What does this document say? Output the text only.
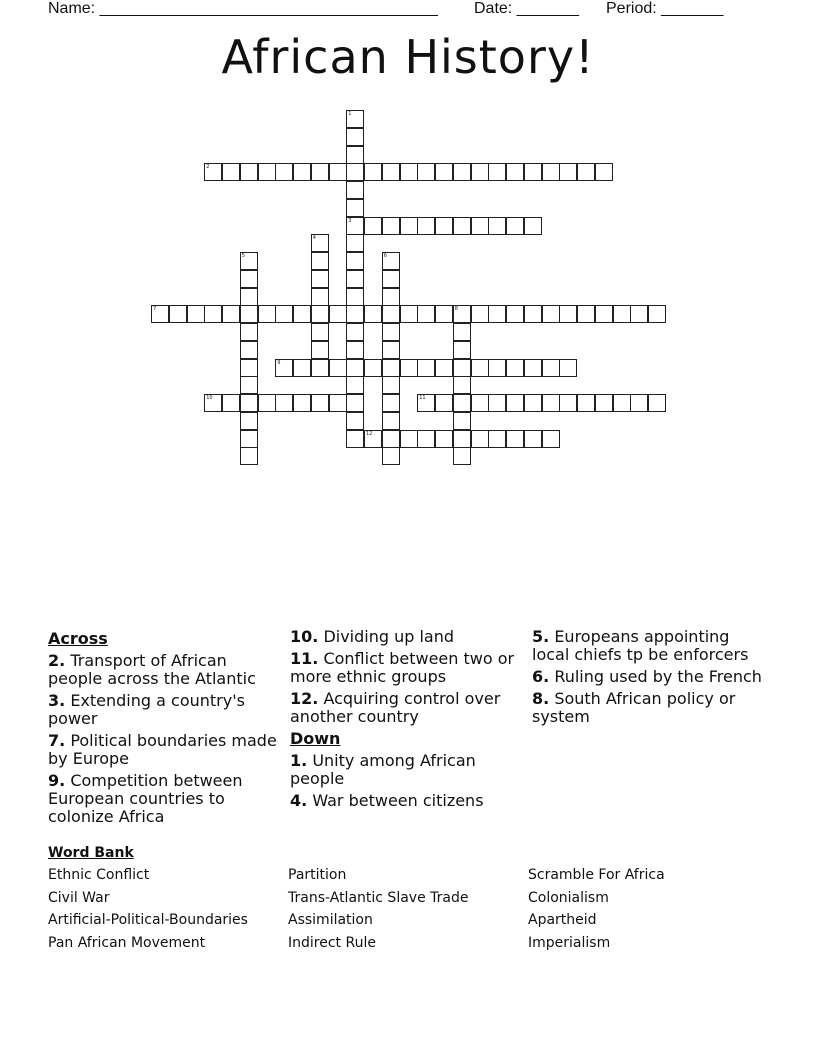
Name: ______________________________________ Date: _______ Period: _______
African History!
1
3
2
4
5	6
7	8
9
10	11
12
Across
2. Transport of African people across the Atlantic
3. Extending a country's power
7. Political boundaries made by Europe
9. Competition between European countries to colonize Africa
10. Dividing up land
11. Conflict between two or more ethnic groups
12. Acquiring control over another country
Down
1. Unity among African people
4. War between citizens
5. Europeans appointing local chiefs tp be enforcers
6. Ruling used by the French
8. South African policy or system
Word Bank
Ethnic Conflict	Partition	Scramble For Africa
Civil War	Trans-Atlantic Slave Trade	Colonialism
Artificial-Political-Boundaries	Assimilation	Apartheid
Pan African Movement	Indirect Rule	Imperialism
